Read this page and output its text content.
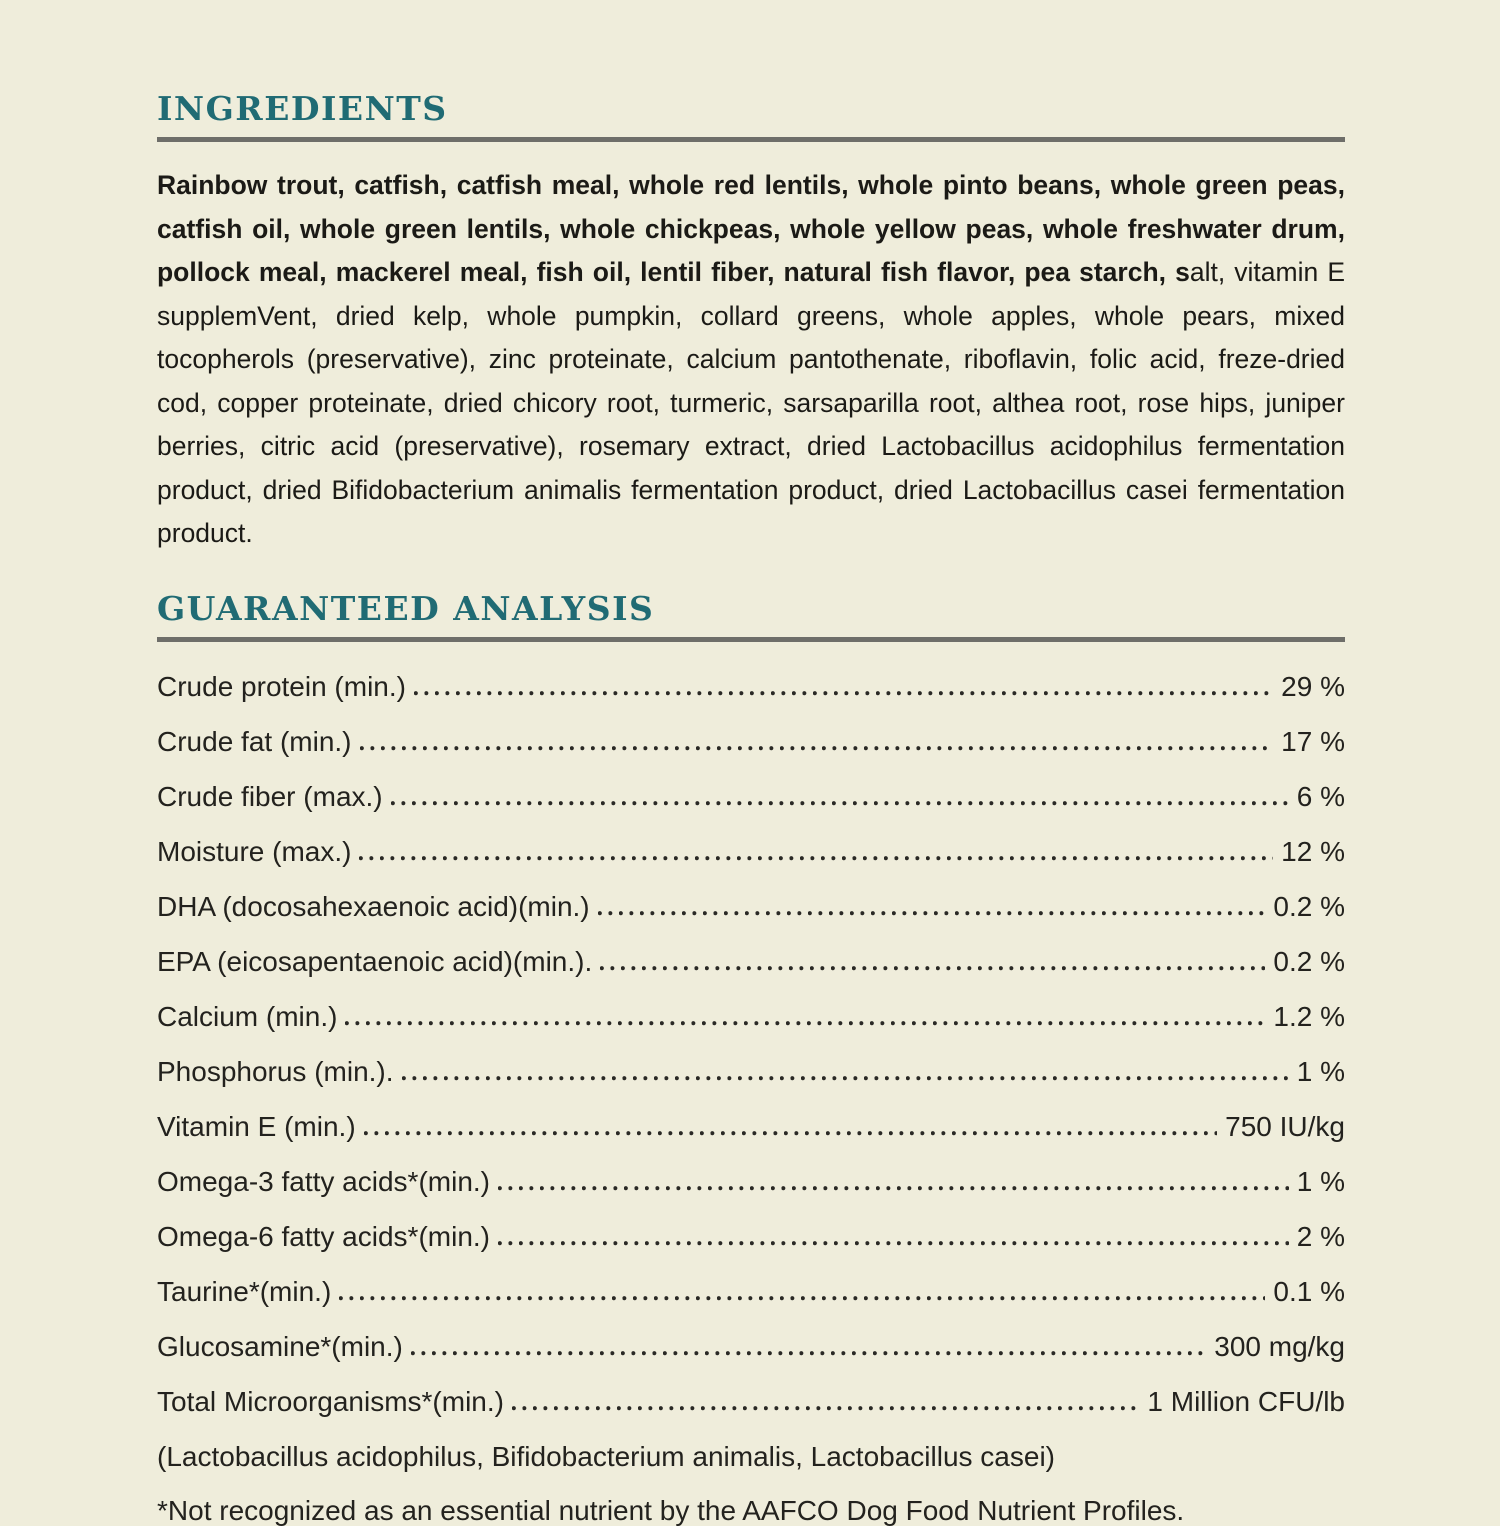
INGREDIENTS

Rainbow trout, catfish, catfish meal, whole red lentils, whole pinto beans, whole green peas, catfish oil, whole green lentils, whole chickpeas, whole yellow peas, whole freshwater drum, pollock meal, mackerel meal, fish oil, lentil fiber, natural fish flavor, pea starch, salt, vitamin E supplemVent, dried kelp, whole pumpkin, collard greens, whole apples, whole pears, mixed tocopherols (preservative), zinc proteinate, calcium pantothenate, riboflavin, folic acid, freze-dried cod, copper proteinate, dried chicory root, turmeric, sarsaparilla root, althea root, rose hips, juniper berries, citric acid (preservative), rosemary extract, dried Lactobacillus acidophilus fermentation product, dried Bifidobacterium animalis fermentation product, dried Lactobacillus casei fermentation product.

GUARANTEED ANALYSIS
Crude protein (min.)	29 %
Crude fat (min.)	17 %
Crude fiber (max.)	6 %
Moisture (max.)	12 %
DHA (docosahexaenoic acid)(min.)	0.2 %
EPA (eicosapentaenoic acid)(min.).	0.2 %
Calcium (min.)	1.2 %
Phosphorus (min.).	1 %
Vitamin E (min.)	750 IU/kg
Omega-3 fatty acids*(min.)	1 %
Omega-6 fatty acids*(min.)	2 %
Taurine*(min.)	0.1 %
Glucosamine*(min.)	300 mg/kg
Total Microorganisms*(min.)	1 Million CFU/lb

(Lactobacillus acidophilus, Bifidobacterium animalis, Lactobacillus casei)

*Not recognized as an essential nutrient by the AAFCO Dog Food Nutrient Profiles.
